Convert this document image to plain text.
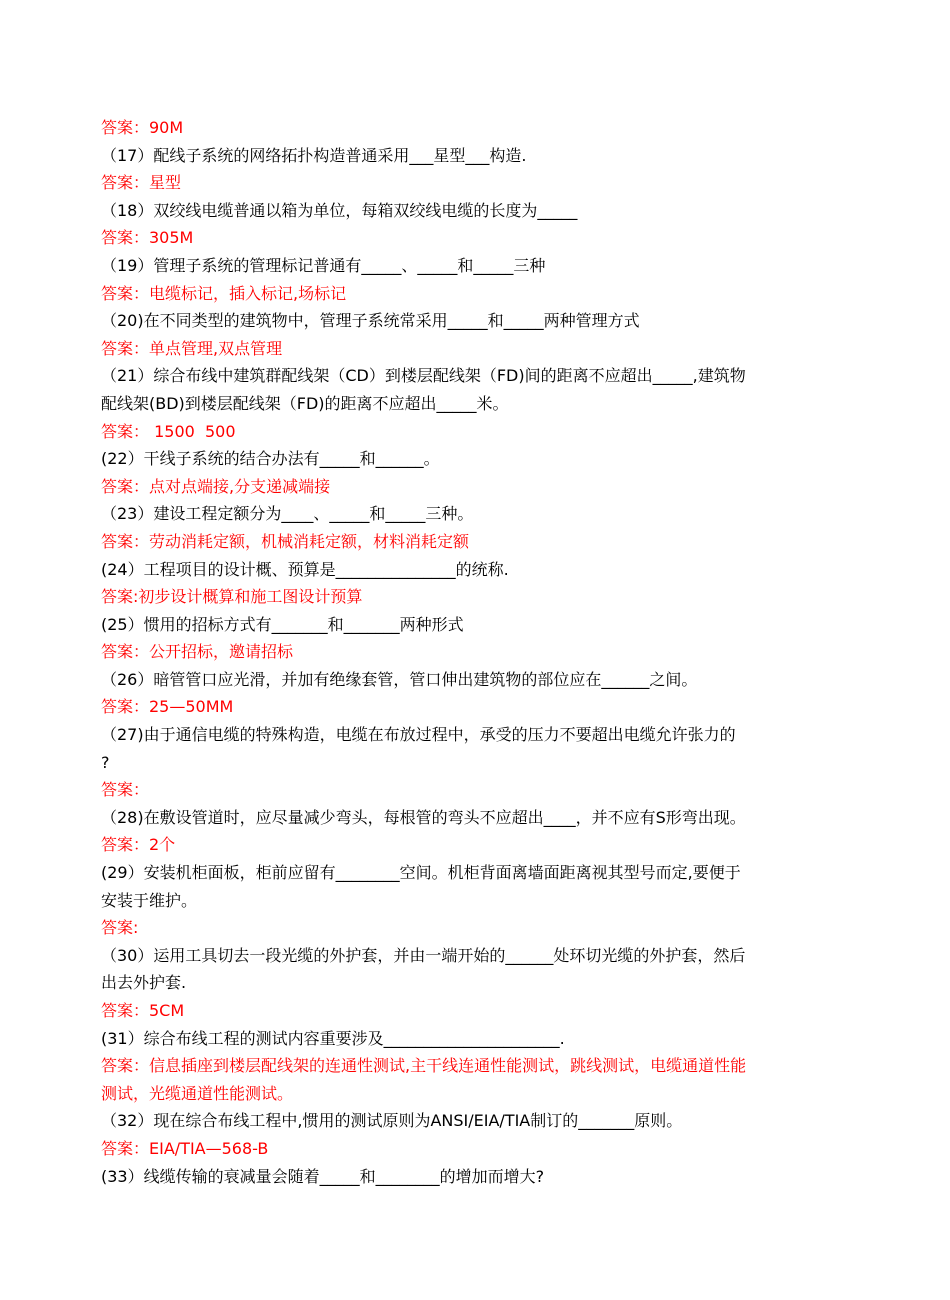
答案：90M
（17）配线子系统的网络拓扑构造普通采用___星型___构造.
答案：星型
（18）双绞线电缆普通以箱为单位，每箱双绞线电缆的长度为_____
答案：305M
（19）管理子系统的管理标记普通有_____、_____和_____三种
答案：电缆标记，插入标记,场标记
（20)在不同类型的建筑物中，管理子系统常采用_____和_____两种管理方式
答案：单点管理,双点管理
（21）综合布线中建筑群配线架（CD）到楼层配线架（FD)间的距离不应超出_____,建筑物
配线架(BD)到楼层配线架（FD)的距离不应超出_____米。
答案： 1500  500
(22）干线子系统的结合办法有_____和______。
答案：点对点端接,分支递减端接
（23）建设工程定额分为____、_____和_____三种。
答案：劳动消耗定额，机械消耗定额，材料消耗定额
(24）工程项目的设计概、预算是_______________的统称.
答案:初步设计概算和施工图设计预算
(25）惯用的招标方式有_______和_______两种形式
答案：公开招标，邀请招标
（26）暗管管口应光滑，并加有绝缘套管，管口伸出建筑物的部位应在______之间。
答案：25—50MM
（27)由于通信电缆的特殊构造，电缆在布放过程中，承受的压力不要超出电缆允许张力的
?
答案：
（28)在敷设管道时，应尽量减少弯头，每根管的弯头不应超出____，并不应有S形弯出现。
答案：2个
(29）安装机柜面板，柜前应留有________空间。机柜背面离墙面距离视其型号而定,要便于
安装于维护。
答案:
（30）运用工具切去一段光缆的外护套，并由一端开始的______处环切光缆的外护套，然后
出去外护套.
答案：5CM
(31）综合布线工程的测试内容重要涉及______________________.
答案：信息插座到楼层配线架的连通性测试,主干线连通性能测试，跳线测试，电缆通道性能
测试，光缆通道性能测试。
（32）现在综合布线工程中,惯用的测试原则为ANSI/EIA/TIA制订的_______原则。
答案：EIA/TIA—568-B
(33）线缆传输的衰减量会随着_____和________的增加而增大?
